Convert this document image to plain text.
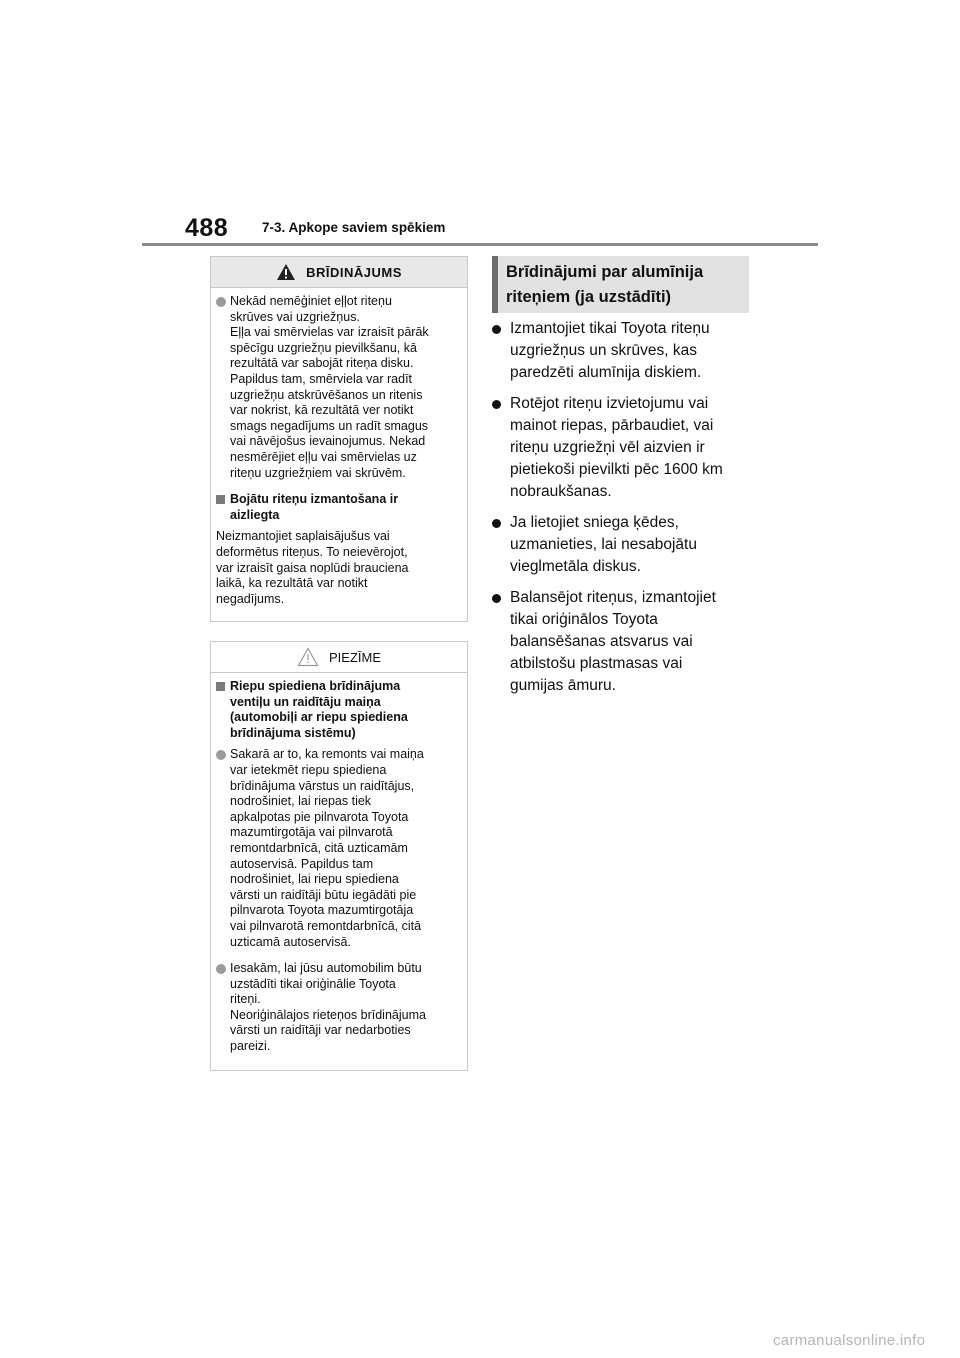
488	7-3. Apkope saviem spēkiem
BRĪDINĀJUMS
Nekād nemēģiniet eļļot riteņu
skrūves vai uzgriežņus.
Eļļa vai smērvielas var izraisīt pārāk
spēcīgu uzgriežņu pievilkšanu, kā
rezultātā var sabojāt riteņa disku.
Papildus tam, smērviela var radīt
uzgriežņu atskrūvēšanos un ritenis
var nokrist, kā rezultātā ver notikt
smags negadījums un radīt smagus
vai nāvējošus ievainojumus. Nekad
nesmērējiet eļļu vai smērvielas uz
riteņu uzgriežņiem vai skrūvēm.
Bojātu riteņu izmantošana ir
aizliegta
Neizmantojiet saplaisājušus vai
deformētus riteņus. To neievērojot,
var izraisīt gaisa noplūdi brauciena
laikā, ka rezultātā var notikt
negadījums.
PIEZĪME
Riepu spiediena brīdinājuma
ventiļu un raidītāju maiņa
(automobiļi ar riepu spiediena
brīdinājuma sistēmu)
Sakarā ar to, ka remonts vai maiņa
var ietekmēt riepu spiediena
brīdinājuma vārstus un raidītājus,
nodrošiniet, lai riepas tiek
apkalpotas pie pilnvarota Toyota
mazumtirgotāja vai pilnvarotā
remontdarbnīcā, citā uzticamām
autoservisā. Papildus tam
nodrošiniet, lai riepu spiediena
vārsti un raidītāji būtu iegādāti pie
pilnvarota Toyota mazumtirgotāja
vai pilnvarotā remontdarbnīcā, citā
uzticamā autoservisā.
Iesakām, lai jūsu automobilim būtu
uzstādīti tikai oriģinālie Toyota
riteņi.
Neoriģinālajos rieteņos brīdinājuma
vārsti un raidītāji var nedarboties
pareizi.
Brīdinājumi par alumīnija
riteņiem (ja uzstādīti)
Izmantojiet tikai Toyota riteņu
uzgriežņus un skrūves, kas
paredzēti alumīnija diskiem.
Rotējot riteņu izvietojumu vai
mainot riepas, pārbaudiet, vai
riteņu uzgriežņi vēl aizvien ir
pietiekoši pievilkti pēc 1600 km
nobraukšanas.
Ja lietojiet sniega ķēdes,
uzmanieties, lai nesabojātu
vieglmetāla diskus.
Balansējot riteņus, izmantojiet
tikai oriģinālos Toyota
balansēšanas atsvarus vai
atbilstošu plastmasas vai
gumijas āmuru.
carmanualsonline.info
